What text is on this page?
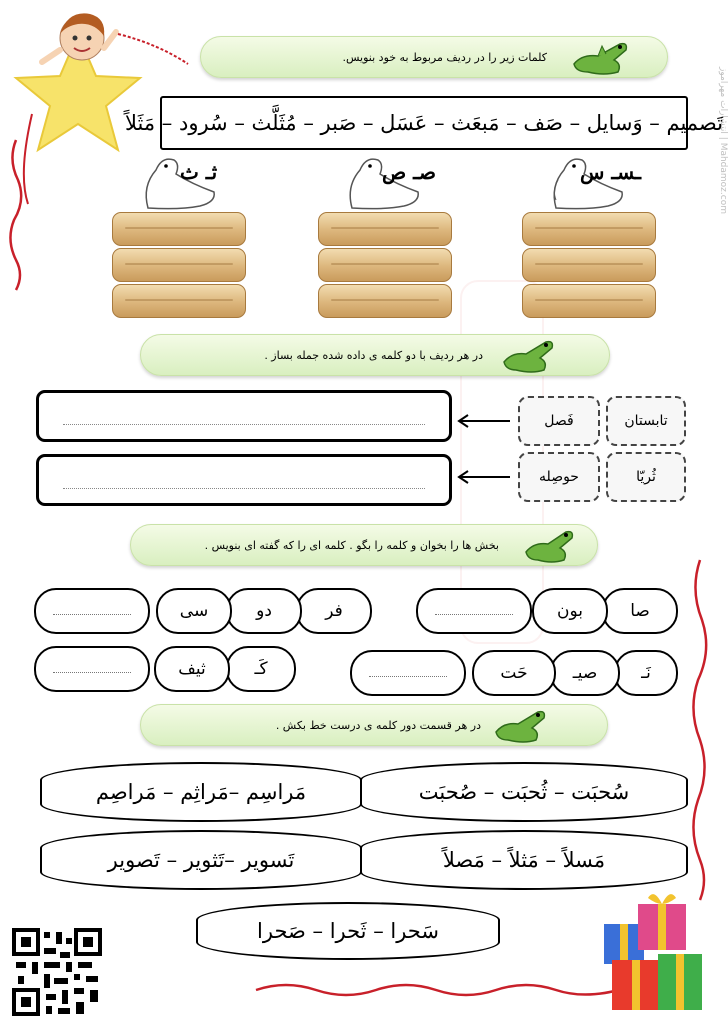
انتشارات مهرآموز | Mahdamoz.com
کلمات زیر را در ردیف مربوط به خود بنویس.
تَصمیم – وَسایل – صَف – مَبعَث – عَسَل – صَبر – مُثَلَّث – سُرود – مَثَلاً
ـسـ س
صـ ص
ثـ ث
در هر ردیف با دو کلمه ی داده شده جمله بساز .
تابستان
فَصل
ثُریّا
حوصِله
بخش ها را بخوان و کلمه را بگو . کلمه ای را که گفته ای بنویس .
صا
بون
نَـ
صیـ
حَت
فر
دو
سی
کَـ
ثیف
در هر قسمت دور کلمه ی درست خط بکش .
سُحبَت – ثُحبَت – صُحبَت
مَراسِم –مَراثِم – مَراصِم
مَسلاً – مَثلاً – مَصلاً
تَسویر –تَثویر – تَصویر
سَحرا – ثَحرا – صَحرا
